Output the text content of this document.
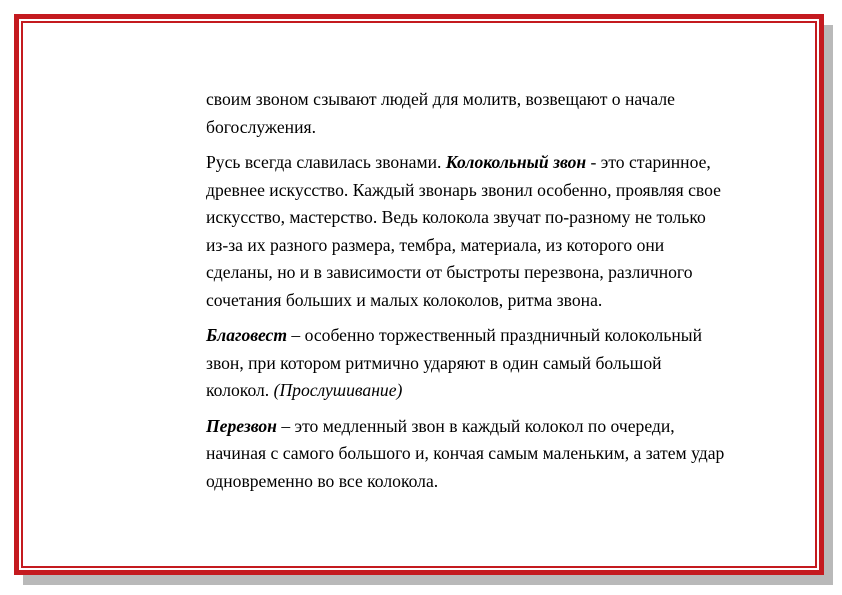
своим звоном сзывают людей для молитв, возвещают о начале богослужения.

Русь всегда славилась звонами. Колокольный звон - это старинное, древнее искусство. Каждый звонарь звонил особенно, проявляя свое искусство, мастерство. Ведь колокола звучат по-разному не только из-за их разного размера, тембра, материала, из которого они сделаны, но и в зависимости от быстроты перезвона, различного сочетания больших и малых колоколов, ритма звона.

Благовест – особенно торжественный праздничный колокольный звон, при котором ритмично ударяют в один самый большой колокол. (Прослушивание)

Перезвон – это медленный звон в каждый колокол по очереди, начиная с самого большого и, кончая самым маленьким, а затем удар одновременно во все колокола.
